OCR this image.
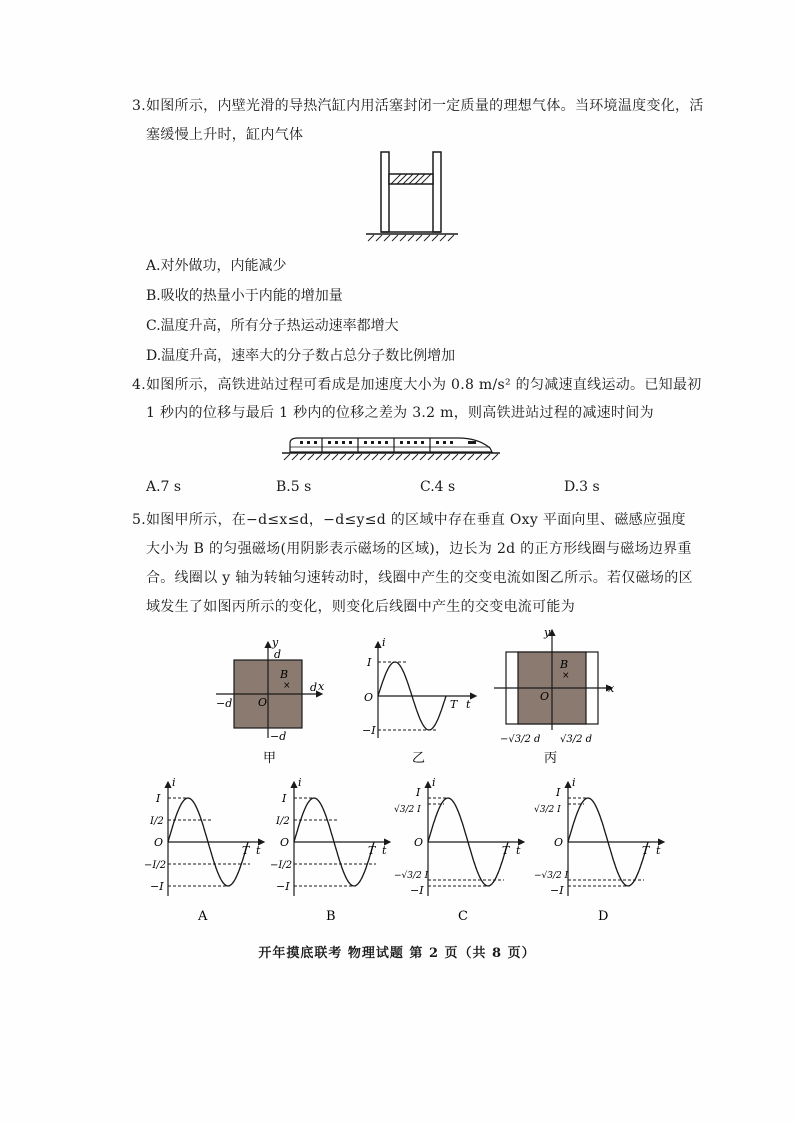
3.如图所示，内壁光滑的导热汽缸内用活塞封闭一定质量的理想气体。当环境温度变化，活
塞缓慢上升时，缸内气体
A.对外做功，内能减少
B.吸收的热量小于内能的增加量
C.温度升高，所有分子热运动速率都增大
D.温度升高，速率大的分子数占总分子数比例增加
4.如图所示，高铁进站过程可看成是加速度大小为 0.8 m/s² 的匀减速直线运动。已知最初
1 秒内的位移与最后 1 秒内的位移之差为 3.2 m，则高铁进站过程的减速时间为
A.7 s	B.5 s	C.4 s	D.3 s
5.如图甲所示，在−d≤x≤d，−d≤y≤d 的区域中存在垂直 Oxy 平面向里、磁感应强度
大小为 B 的匀强磁场(用阴影表示磁场的区域)，边长为 2d 的正方形线圈与磁场边界重
合。线圈以 y 轴为转轴匀速转动时，线圈中产生的交变电流如图乙所示。若仅磁场的区
域发生了如图丙所示的变化，则变化后线圈中产生的交变电流可能为
y
x
d
d
−d
−d
O
B
×
甲
i
I
−I
O
T t
乙
y
x
O
B
×
−√3/2 d √3/2 d
丙
i
I
I/2
O
−I/2
−I
T t
A
i
I
I/2
O
−I/2
−I
T t
B
i
I
√3/2 I
O
−√3/2 I
−I
T t
C
i
I
√3/2 I
O
−√3/2 I
−I
T t
D
开年摸底联考 物理试题 第 2 页（共 8 页）
